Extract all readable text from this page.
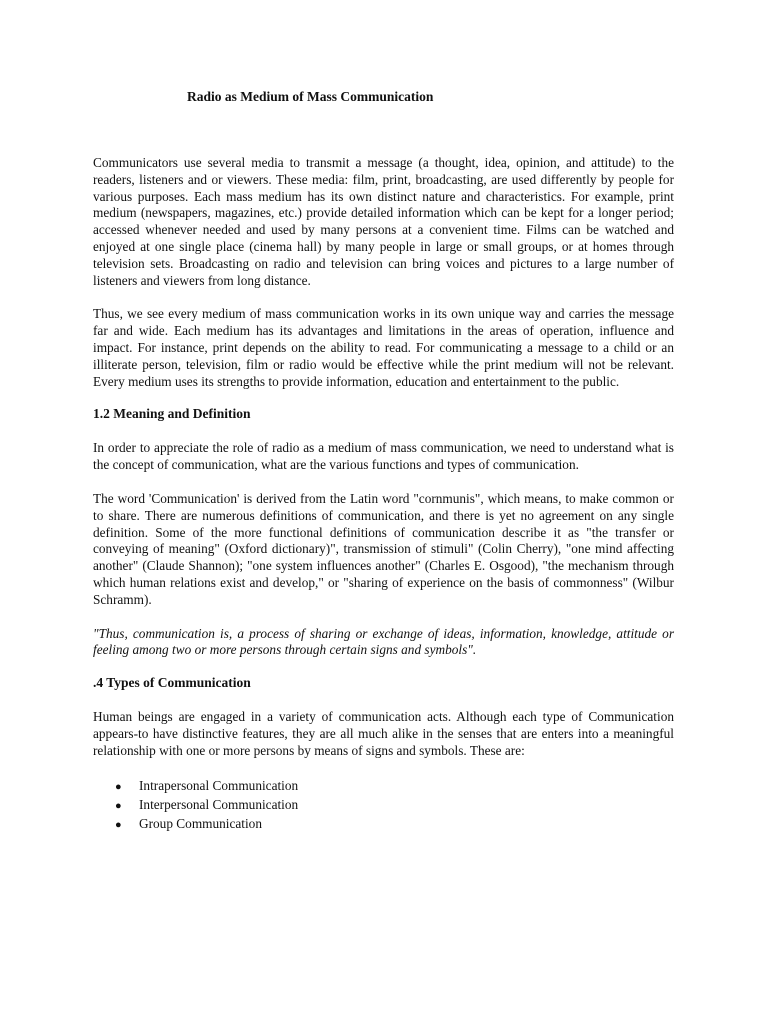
Radio as Medium of Mass Communication

Communicators use several media to transmit a message (a thought, idea, opinion, and attitude) to the readers, listeners and or viewers. These media: film, print, broadcasting, are used differently by people for various purposes. Each mass medium has its own distinct nature and characteristics. For example, print medium (newspapers, magazines, etc.) provide detailed information which can be kept for a longer period; accessed whenever needed and used by many persons at a convenient time. Films can be watched and enjoyed at one single place (cinema hall) by many people in large or small groups, or at homes through television sets. Broadcasting on radio and television can bring voices and pictures to a large number of listeners and viewers from long distance.

Thus, we see every medium of mass communication works in its own unique way and carries the message far and wide. Each medium has its advantages and limitations in the areas of operation, influence and impact. For instance, print depends on the ability to read. For communicating a message to a child or an illiterate person, television, film or radio would be effective while the print medium will not be relevant. Every medium uses its strengths to provide information, education and entertainment to the public.

1.2 Meaning and Definition

In order to appreciate the role of radio as a medium of mass communication, we need to understand what is the concept of communication, what are the various functions and types of communication.

The word 'Communication' is derived from the Latin word "cornmunis", which means, to make common or to share. There are numerous definitions of communication, and there is yet no agreement on any single definition. Some of the more functional definitions of communication describe it as "the transfer or conveying of meaning" (Oxford dictionary)", transmission of stimuli" (Colin Cherry), "one mind affecting another" (Claude Shannon); "one system influences another" (Charles E. Osgood), "the mechanism through which human relations exist and develop," or "sharing of experience on the basis of commonness" (Wilbur Schramm).

"Thus, communication is, a process of sharing or exchange of ideas, information, knowledge, attitude or feeling among two or more persons through certain signs and symbols".

.4 Types of Communication

Human beings are engaged in a variety of communication acts. Although each type of Communication appears-to have distinctive features, they are all much alike in the senses that are enters into a meaningful relationship with one or more persons by means of signs and symbols. These are:

●	Intrapersonal Communication
●	Interpersonal Communication
●	Group Communication
